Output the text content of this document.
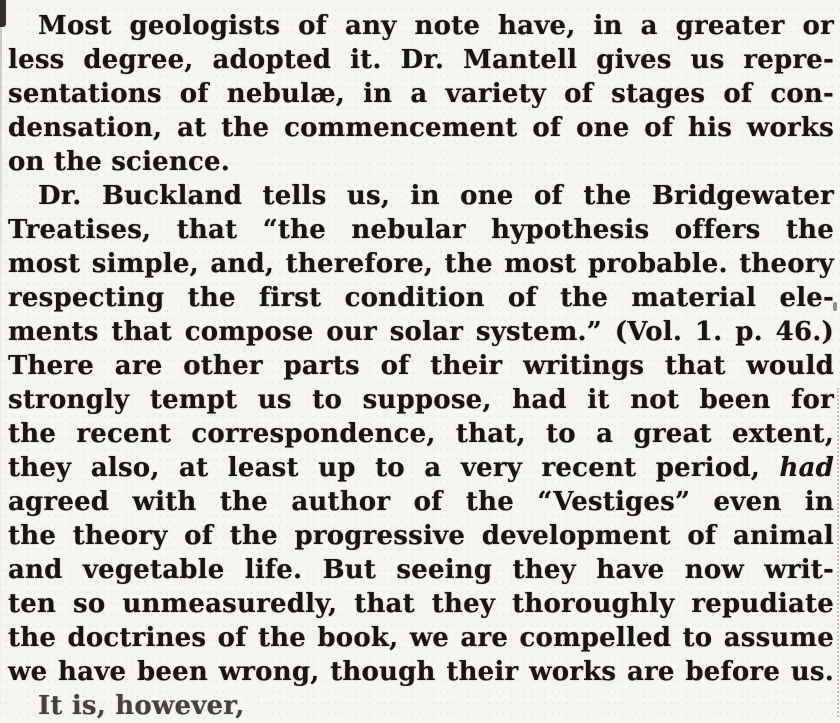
Most geologists of any note have, in a greater or
less degree, adopted it. Dr. Mantell gives us repre-
sentations of nebulæ, in a variety of stages of con-
densation, at the commencement of one of his works
on the science.
Dr. Buckland tells us, in one of the Bridgewater
Treatises, that “the nebular hypothesis offers the
most simple, and, therefore, the most probable. theory
respecting the first condition of the material ele-
ments that compose our solar system.” (Vol. 1. p. 46.)
There are other parts of their writings that would
strongly tempt us to suppose, had it not been for
the recent correspondence, that, to a great extent,
they also, at least up to a very recent period, had
agreed with the author of the “Vestiges” even in
the theory of the progressive development of animal
and vegetable life. But seeing they have now writ-
ten so unmeasuredly, that they thoroughly repudiate
the doctrines of the book, we are compelled to assume
we have been wrong, though their works are before us.
It is, however,
